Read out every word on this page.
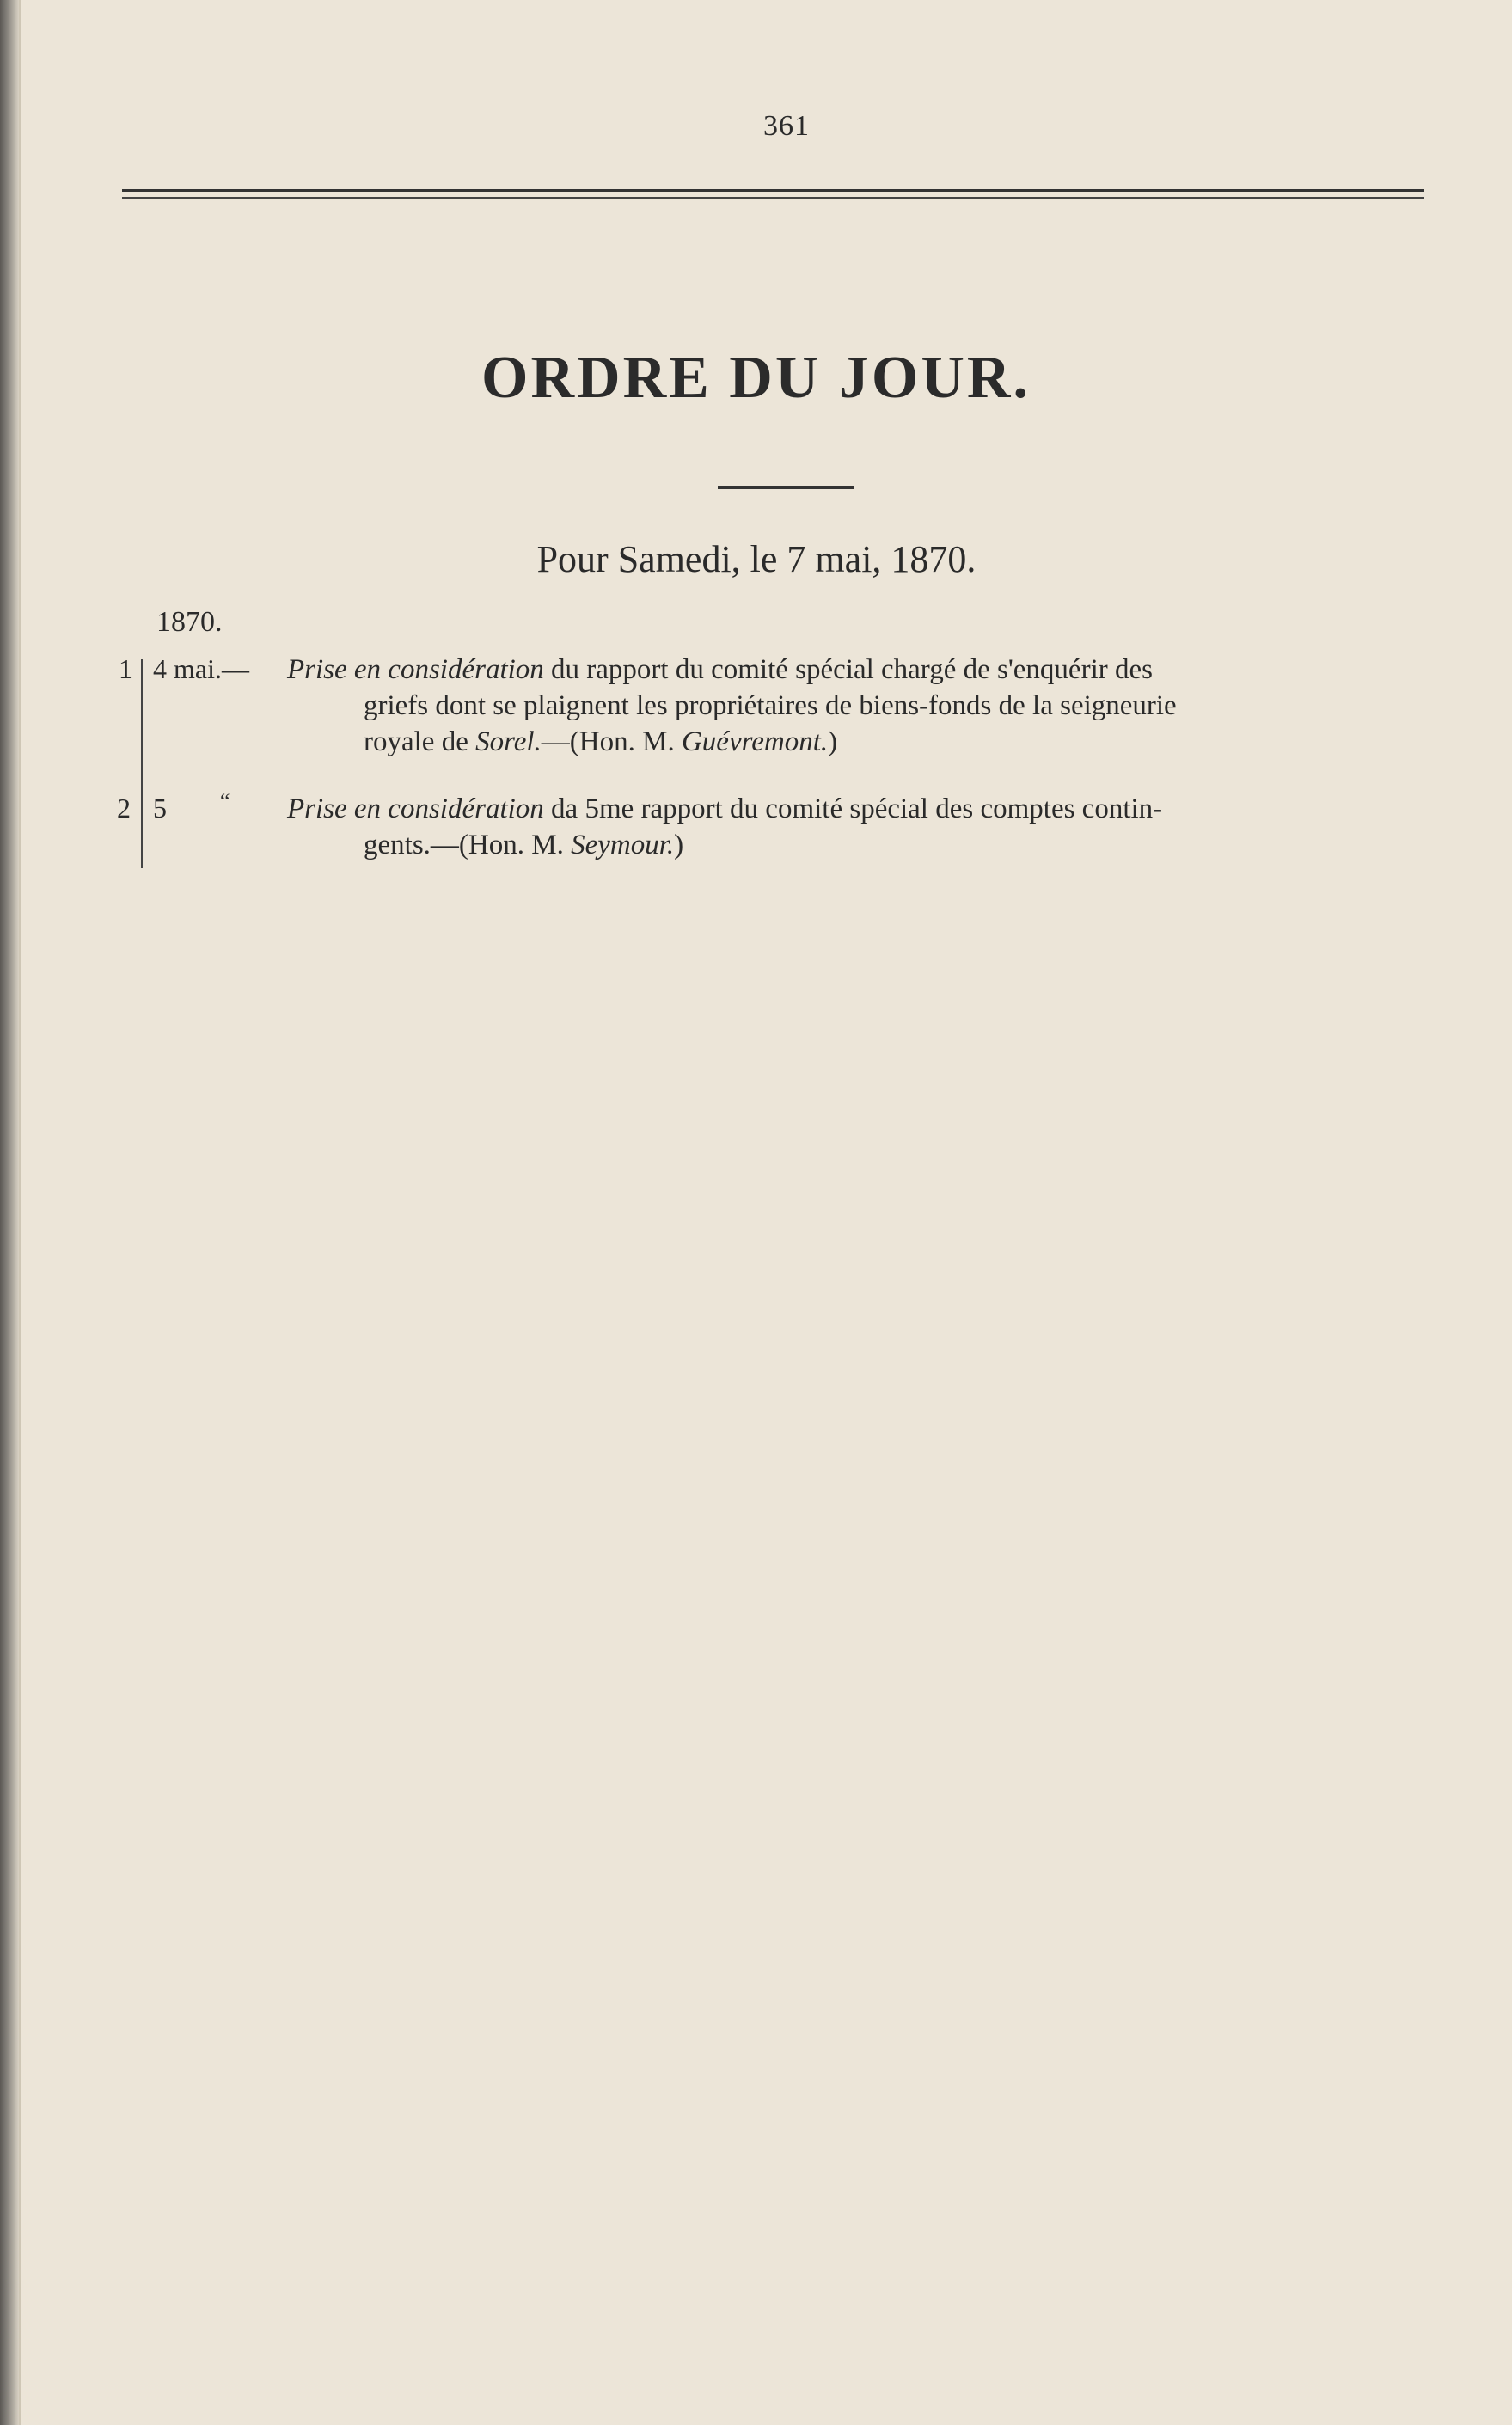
361
ORDRE DU JOUR.
Pour Samedi, le 7 mai, 1870.
1870.
1 4 mai.—	Prise en considération du rapport du comité spécial chargé de s'enquérir des
griefs dont se plaignent les propriétaires de biens-fonds de la seigneurie
royale de Sorel.—(Hon. M. Guévremont.)
2 5 “	Prise en considération da 5me rapport du comité spécial des comptes contin-
gents.—(Hon. M. Seymour.)
